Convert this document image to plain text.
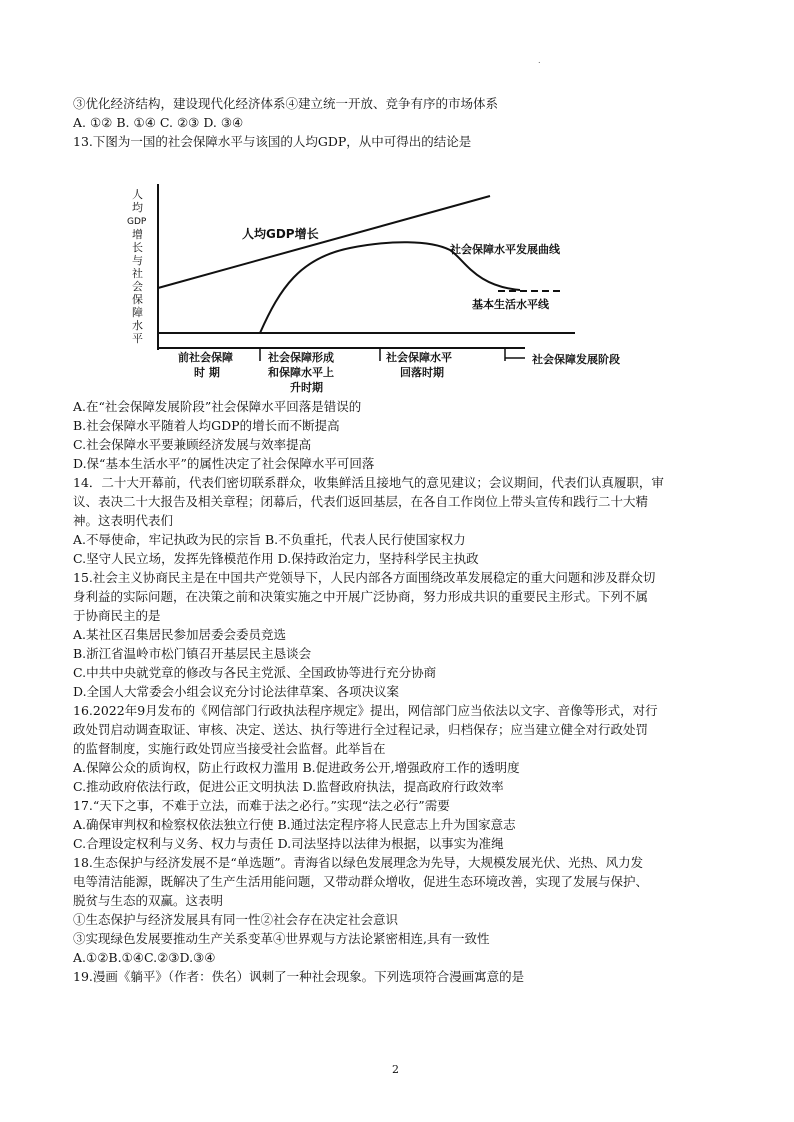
.
③优化经济结构，建设现代化经济体系④建立统一开放、竞争有序的市场体系
A. ①② B. ①④ C. ②③ D. ③④
13.下图为一国的社会保障水平与该国的人均GDP，从中可得出的结论是
人
均
GDP
增
长
与
社
会
保
障
水
平
人均GDP增长
社会保障水平发展曲线
基本生活水平线
社会保障发展阶段
前社会保障
时 期
社会保障形成
和保障水平上
升时期
社会保障水平
回落时期
A.在“社会保障发展阶段”社会保障水平回落是错误的
B.社会保障水平随着人均GDP的增长而不断提高
C.社会保障水平要兼顾经济发展与效率提高
D.保“基本生活水平”的属性决定了社会保障水平可回落
14．二十大开幕前，代表们密切联系群众，收集鲜活且接地气的意见建议；会议期间，代表们认真履职，审
议、表决二十大报告及相关章程；闭幕后，代表们返回基层，在各自工作岗位上带头宣传和践行二十大精
神。这表明代表们
A.不辱使命，牢记执政为民的宗旨 B.不负重托，代表人民行使国家权力
C.坚守人民立场，发挥先锋模范作用 D.保持政治定力，坚持科学民主执政
15.社会主义协商民主是在中国共产党领导下，人民内部各方面围绕改革发展稳定的重大问题和涉及群众切
身利益的实际问题，在决策之前和决策实施之中开展广泛协商，努力形成共识的重要民主形式。下列不属
于协商民主的是
A.某社区召集居民参加居委会委员竞选
B.浙江省温岭市松门镇召开基层民主恳谈会
C.中共中央就党章的修改与各民主党派、全国政协等进行充分协商
D.全国人大常委会小组会议充分讨论法律草案、各项决议案
16.2022年9月发布的《网信部门行政执法程序规定》提出，网信部门应当依法以文字、音像等形式，对行
政处罚启动调查取证、审核、决定、送达、执行等进行全过程记录，归档保存；应当建立健全对行政处罚
的监督制度，实施行政处罚应当接受社会监督。此举旨在
A.保障公众的质询权，防止行政权力滥用 B.促进政务公开,增强政府工作的透明度
C.推动政府依法行政，促进公正文明执法 D.监督政府执法，提高政府行政效率
17.“天下之事，不难于立法，而难于法之必行。”实现“法之必行”需要
A.确保审判权和检察权依法独立行使 B.通过法定程序将人民意志上升为国家意志
C.合理设定权利与义务、权力与责任 D.司法坚持以法律为根据，以事实为准绳
18.生态保护与经济发展不是“单选题”。青海省以绿色发展理念为先导，大规模发展光伏、光热、风力发
电等清洁能源，既解决了生产生活用能问题，又带动群众增收，促进生态环境改善，实现了发展与保护、
脱贫与生态的双赢。这表明
①生态保护与经济发展具有同一性②社会存在决定社会意识
③实现绿色发展要推动生产关系变革④世界观与方法论紧密相连,具有一致性
A.①②B.①④C.②③D.③④
19.漫画《躺平》（作者：佚名）讽刺了一种社会现象。下列选项符合漫画寓意的是
2
